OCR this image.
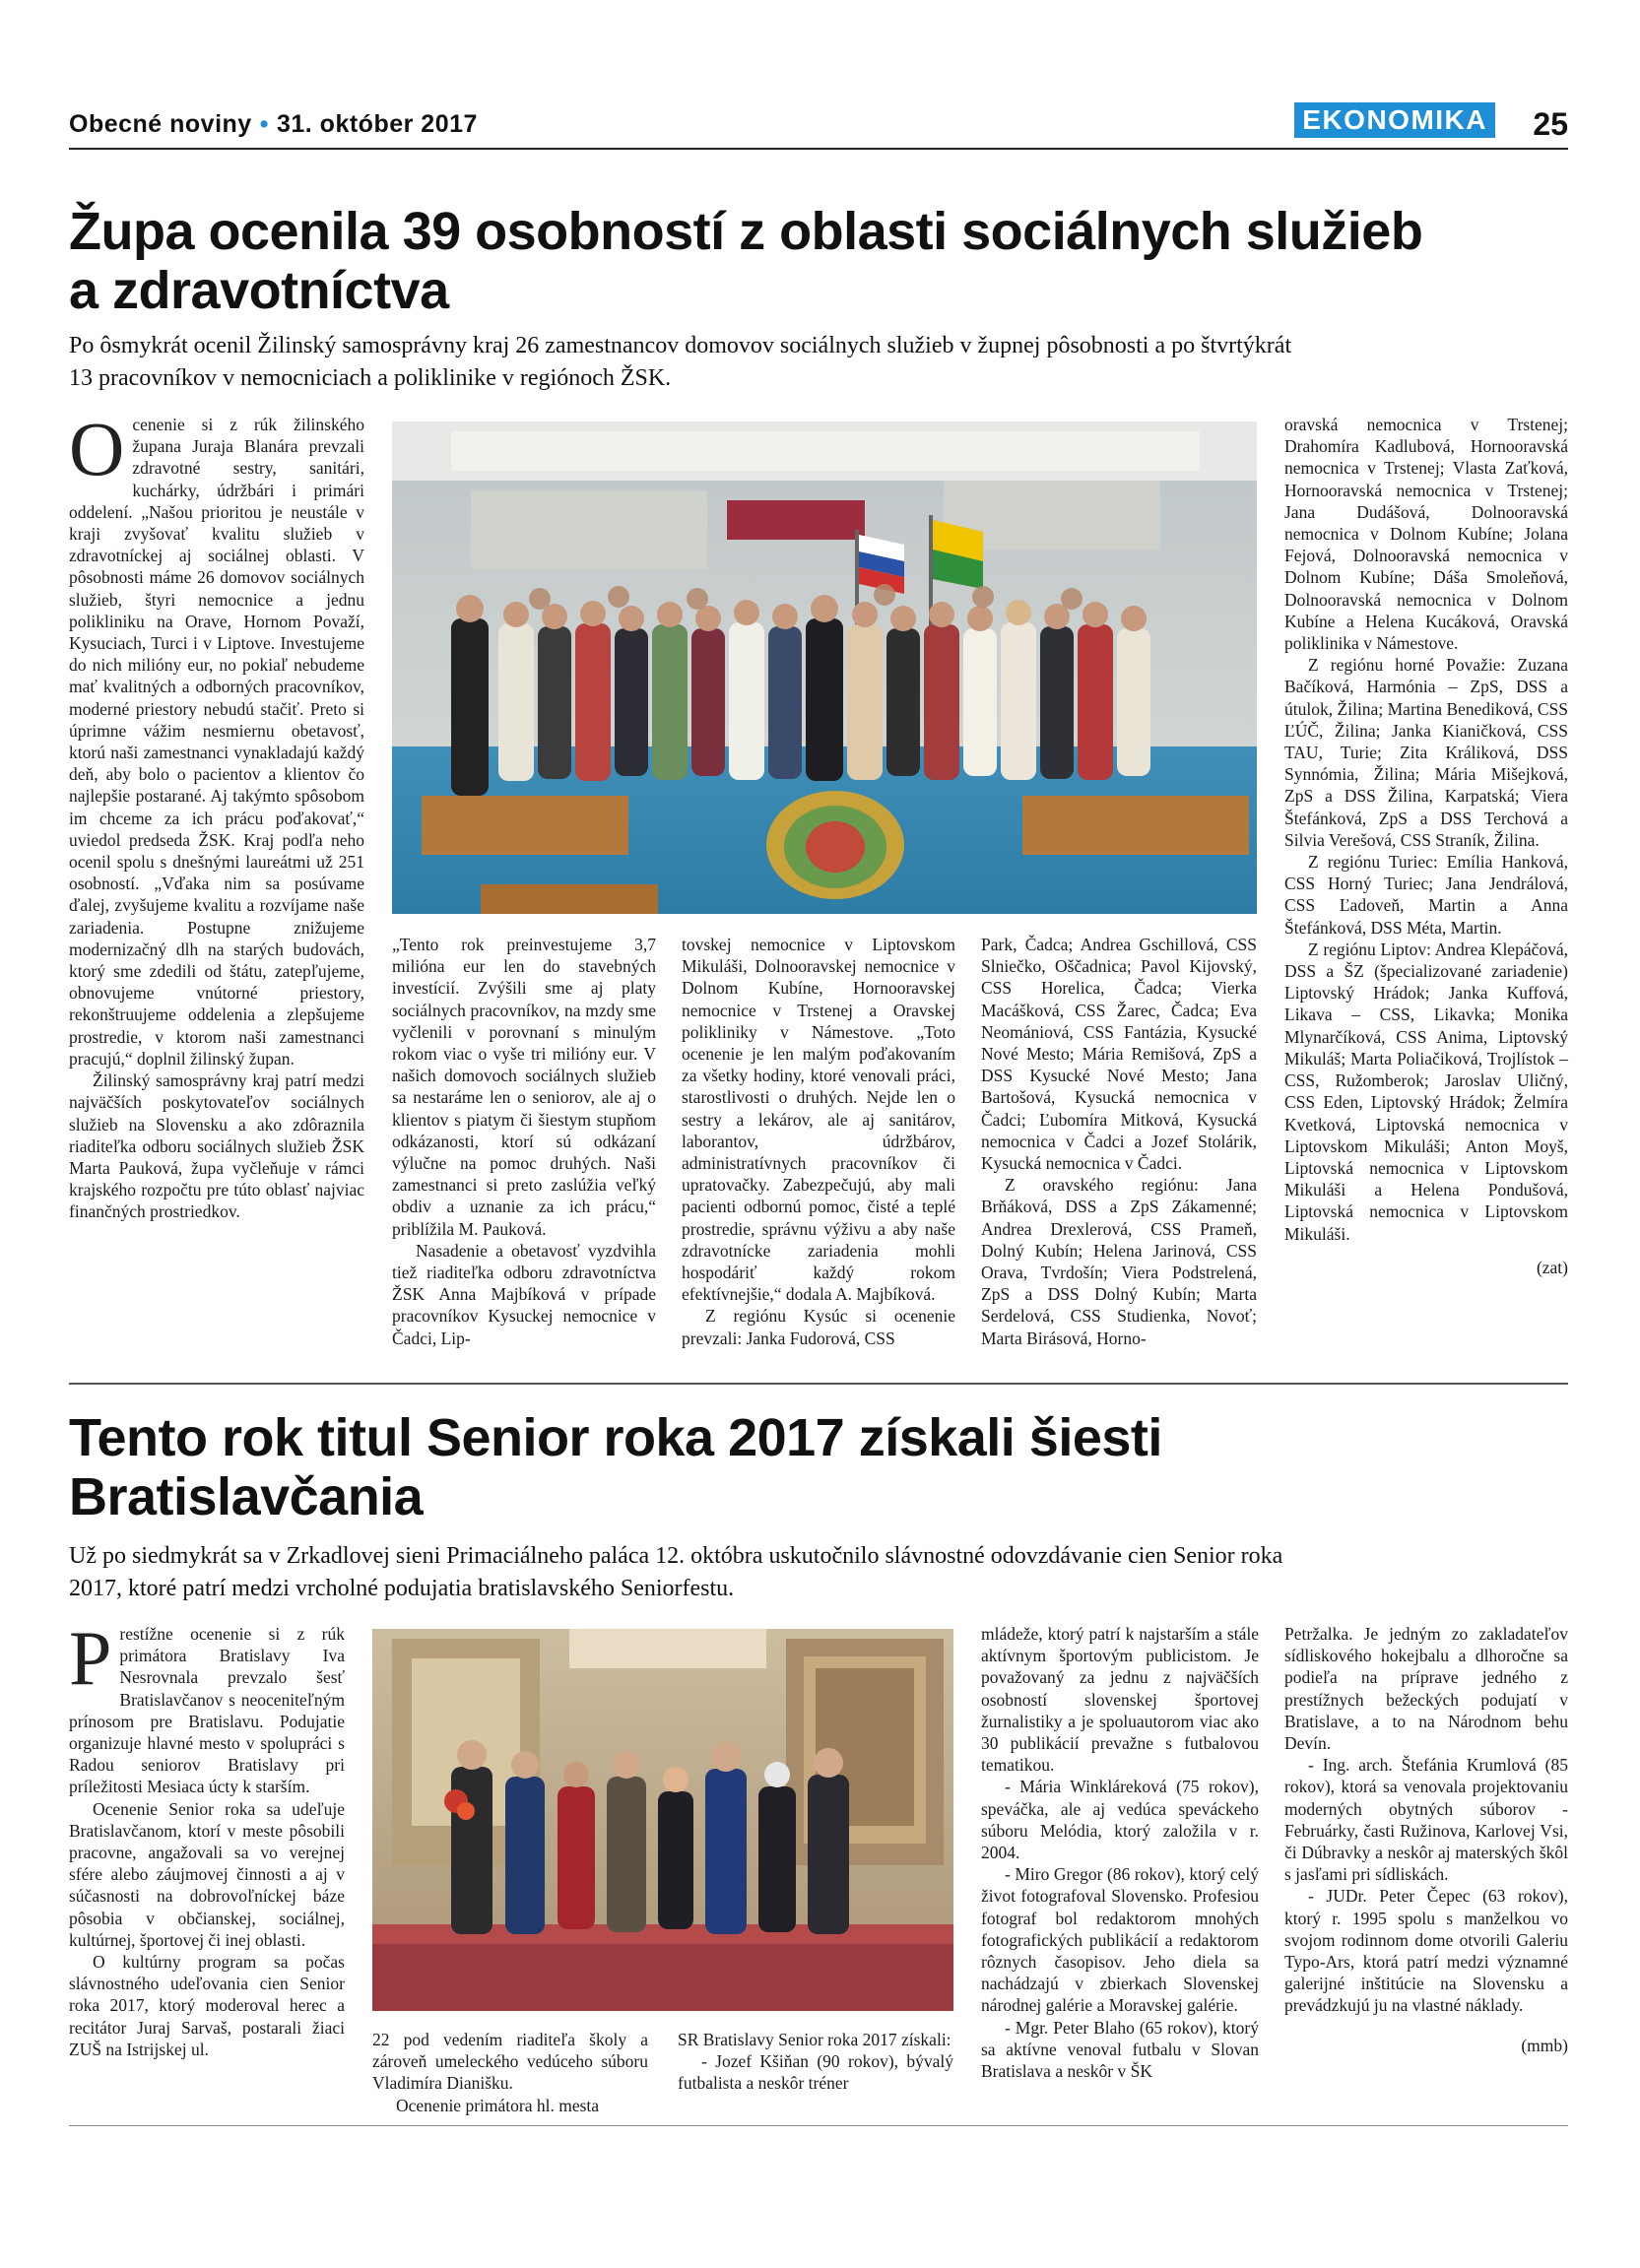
Obecné noviny • 31. október 2017	EKONOMIKA 25
Župa ocenila 39 osobností z oblasti sociálnych služieb
a zdravotníctva
Po ôsmykrát ocenil Žilinský samosprávny kraj 26 zamestnancov domovov sociálnych služieb v župnej pôsobnosti a po štvrtýkrát
13 pracovníkov v nemocniciach a poliklinike v regiónoch ŽSK.

Ocenenie si z rúk žilinského župana Juraja Blanára prevzali zdravotné sestry, sanitári, kuchárky, údržbári i primári oddelení. „Našou prioritou je neustále v kraji zvyšovať kvalitu služieb v zdravotníckej aj sociálnej oblasti. V pôsobnosti máme 26 domovov sociálnych služieb, štyri nemocnice a jednu polikliniku na Orave, Hornom Považí, Kysuciach, Turci i v Liptove. Investujeme do nich milióny eur, no pokiaľ nebudeme mať kvalitných a odborných pracovníkov, moderné priestory nebudú stačiť. Preto si úprimne vážim nesmiernu obetavosť, ktorú naši zamestnanci vynakladajú každý deň, aby bolo o pacientov a klientov čo najlepšie postarané. Aj takýmto spôsobom im chceme za ich prácu poďakovať,“ uviedol predseda ŽSK. Kraj podľa neho ocenil spolu s dnešnými laureátmi už 251 osobností. „Vďaka nim sa posúvame ďalej, zvyšujeme kvalitu a rozvíjame naše zariadenia. Postupne znižujeme modernizačný dlh na starých budovách, ktorý sme zdedili od štátu, zatepľujeme, obnovujeme vnútorné priestory, rekonštruujeme oddelenia a zlepšujeme prostredie, v ktorom naši zamestnanci pracujú,“ doplnil žilinský župan.

Žilinský samosprávny kraj patrí medzi najväčších poskytovateľov sociálnych služieb na Slovensku a ako zdôraznila riaditeľka odboru sociálnych služieb ŽSK Marta Pauková, župa vyčleňuje v rámci krajského rozpočtu pre túto oblasť najviac finančných prostriedkov.

„Tento rok preinvestujeme 3,7 milióna eur len do stavebných investícií. Zvýšili sme aj platy sociálnych pracovníkov, na mzdy sme vyčlenili v porovnaní s minulým rokom viac o vyše tri milióny eur. V našich domovoch sociálnych služieb sa nestaráme len o seniorov, ale aj o klientov s piatym či šiestym stupňom odkázanosti, ktorí sú odkázaní výlučne na pomoc druhých. Naši zamestnanci si preto zaslúžia veľký obdiv a uznanie za ich prácu,“ priblížila M. Pauková.

Nasadenie a obetavosť vyzdvihla tiež riaditeľka odboru zdravotníctva ŽSK Anna Majbíková v prípade pracovníkov Kysuckej nemocnice v Čadci, Lip-

tovskej nemocnice v Liptovskom Mikuláši, Dolnooravskej nemocnice v Dolnom Kubíne, Hornooravskej nemocnice v Trstenej a Oravskej polikliniky v Námestove. „Toto ocenenie je len malým poďakovaním za všetky hodiny, ktoré venovali práci, starostlivosti o druhých. Nejde len o sestry a lekárov, ale aj sanitárov, laborantov, údržbárov, administratívnych pracovníkov či upratovačky. Zabezpečujú, aby mali pacienti odbornú pomoc, čisté a teplé prostredie, správnu výživu a aby naše zdravotnícke zariadenia mohli hospodáriť každý rokom efektívnejšie,“ dodala A. Majbíková.

Z regiónu Kysúc si ocenenie prevzali: Janka Fudorová, CSS

Park, Čadca; Andrea Gschillová, CSS Slniečko, Oščadnica; Pavol Kijovský, CSS Horelica, Čadca; Vierka Macášková, CSS Žarec, Čadca; Eva Neomániová, CSS Fantázia, Kysucké Nové Mesto; Mária Remišová, ZpS a DSS Kysucké Nové Mesto; Jana Bartošová, Kysucká nemocnica v Čadci; Ľubomíra Mitková, Kysucká nemocnica v Čadci a Jozef Stolárik, Kysucká nemocnica v Čadci.

Z oravského regiónu: Jana Brňáková, DSS a ZpS Zákamenné; Andrea Drexlerová, CSS Prameň, Dolný Kubín; Helena Jarinová, CSS Orava, Tvrdošín; Viera Podstrelená, ZpS a DSS Dolný Kubín; Marta Serdelová, CSS Studienka, Novoť; Marta Birásová, Horno-

oravská nemocnica v Trstenej; Drahomíra Kadlubová, Hornooravská nemocnica v Trstenej; Vlasta Zaťková, Hornooravská nemocnica v Trstenej; Jana Dudášová, Dolnooravská nemocnica v Dolnom Kubíne; Jolana Fejová, Dolnooravská nemocnica v Dolnom Kubíne; Dáša Smoleňová, Dolnooravská nemocnica v Dolnom Kubíne a Helena Kucáková, Oravská poliklinika v Námestove.

Z regiónu horné Považie: Zuzana Bačíková, Harmónia – ZpS, DSS a útulok, Žilina; Martina Benediková, CSS ĽÚČ, Žilina; Janka Kianičková, CSS TAU, Turie; Zita Králiková, DSS Synnómia, Žilina; Mária Mišejková, ZpS a DSS Žilina, Karpatská; Viera Štefánková, ZpS a DSS Terchová a Silvia Verešová, CSS Straník, Žilina.

Z regiónu Turiec: Emília Hanková, CSS Horný Turiec; Jana Jendrálová, CSS Ľadoveň, Martin a Anna Štefánková, DSS Méta, Martin.

Z regiónu Liptov: Andrea Klepáčová, DSS a ŠZ (špecializované zariadenie) Liptovský Hrádok; Janka Kuffová, Likava – CSS, Likavka; Monika Mlynarčíková, CSS Anima, Liptovský Mikuláš; Marta Poliačiková, Trojlístok – CSS, Ružomberok; Jaroslav Uličný, CSS Eden, Liptovský Hrádok; Želmíra Kvetková, Liptovská nemocnica v Liptovskom Mikuláši; Anton Moyš, Liptovská nemocnica v Liptovskom Mikuláši a Helena Pondušová, Liptovská nemocnica v Liptovskom Mikuláši.

(zat)

Tento rok titul Senior roka 2017 získali šiesti
Bratislavčania
Už po siedmykrát sa v Zrkadlovej sieni Primaciálneho paláca 12. októbra uskutočnilo slávnostné odovzdávanie cien Senior roka
2017, ktoré patrí medzi vrcholné podujatia bratislavského Seniorfestu.

Prestížne ocenenie si z rúk primátora Bratislavy Iva Nesrovnala prevzalo šesť Bratislavčanov s neoceniteľným prínosom pre Bratislavu. Podujatie organizuje hlavné mesto v spolupráci s Radou seniorov Bratislavy pri príležitosti Mesiaca úcty k starším.

Ocenenie Senior roka sa udeľuje Bratislavčanom, ktorí v meste pôsobili pracovne, angažovali sa vo verejnej sfére alebo záujmovej činnosti a aj v súčasnosti na dobrovoľníckej báze pôsobia v občianskej, sociálnej, kultúrnej, športovej či inej oblasti.

O kultúrny program sa počas slávnostného udeľovania cien Senior roka 2017, ktorý moderoval herec a recitátor Juraj Sarvaš, postarali žiaci ZUŠ na Istrijskej ul.	22 pod vedením riaditeľa školy a zároveň umeleckého vedúceho súboru Vladimíra Dianišku.

Ocenenie primátora hl. mesta

SR Bratislavy Senior roka 2017 získali:

- Jozef Kšiňan (90 rokov), bývalý futbalista a neskôr tréner

mládeže, ktorý patrí k najstarším a stále aktívnym športovým publicistom. Je považovaný za jednu z najväčších osobností slovenskej športovej žurnalistiky a je spoluautorom viac ako 30 publikácií prevažne s futbalovou tematikou.

- Mária Winkláreková (75 rokov), speváčka, ale aj vedúca speváckeho súboru Melódia, ktorý založila v r. 2004.

- Miro Gregor (86 rokov), ktorý celý život fotografoval Slovensko. Profesiou fotograf bol redaktorom mnohých fotografických publikácií a redaktorom rôznych časopisov. Jeho diela sa nachádzajú v zbierkach Slovenskej národnej galérie a Moravskej galérie.

- Mgr. Peter Blaho (65 rokov), ktorý sa aktívne venoval futbalu v Slovan Bratislava a neskôr v ŠK

Petržalka. Je jedným zo zakladateľov sídliskového hokejbalu a dlhoročne sa podieľa na príprave jedného z prestížnych bežeckých podujatí v Bratislave, a to na Národnom behu Devín.

- Ing. arch. Štefánia Krumlová (85 rokov), ktorá sa venovala projektovaniu moderných obytných súborov - Februárky, časti Ružinova, Karlovej Vsi, či Dúbravky a neskôr aj materských škôl s jasľami pri sídliskách.

- JUDr. Peter Čepec (63 rokov), ktorý r. 1995 spolu s manželkou vo svojom rodinnom dome otvorili Galeriu Typo-Ars, ktorá patrí medzi významné galerijné inštitúcie na Slovensku a prevádzkujú ju na vlastné náklady.

(mmb)
